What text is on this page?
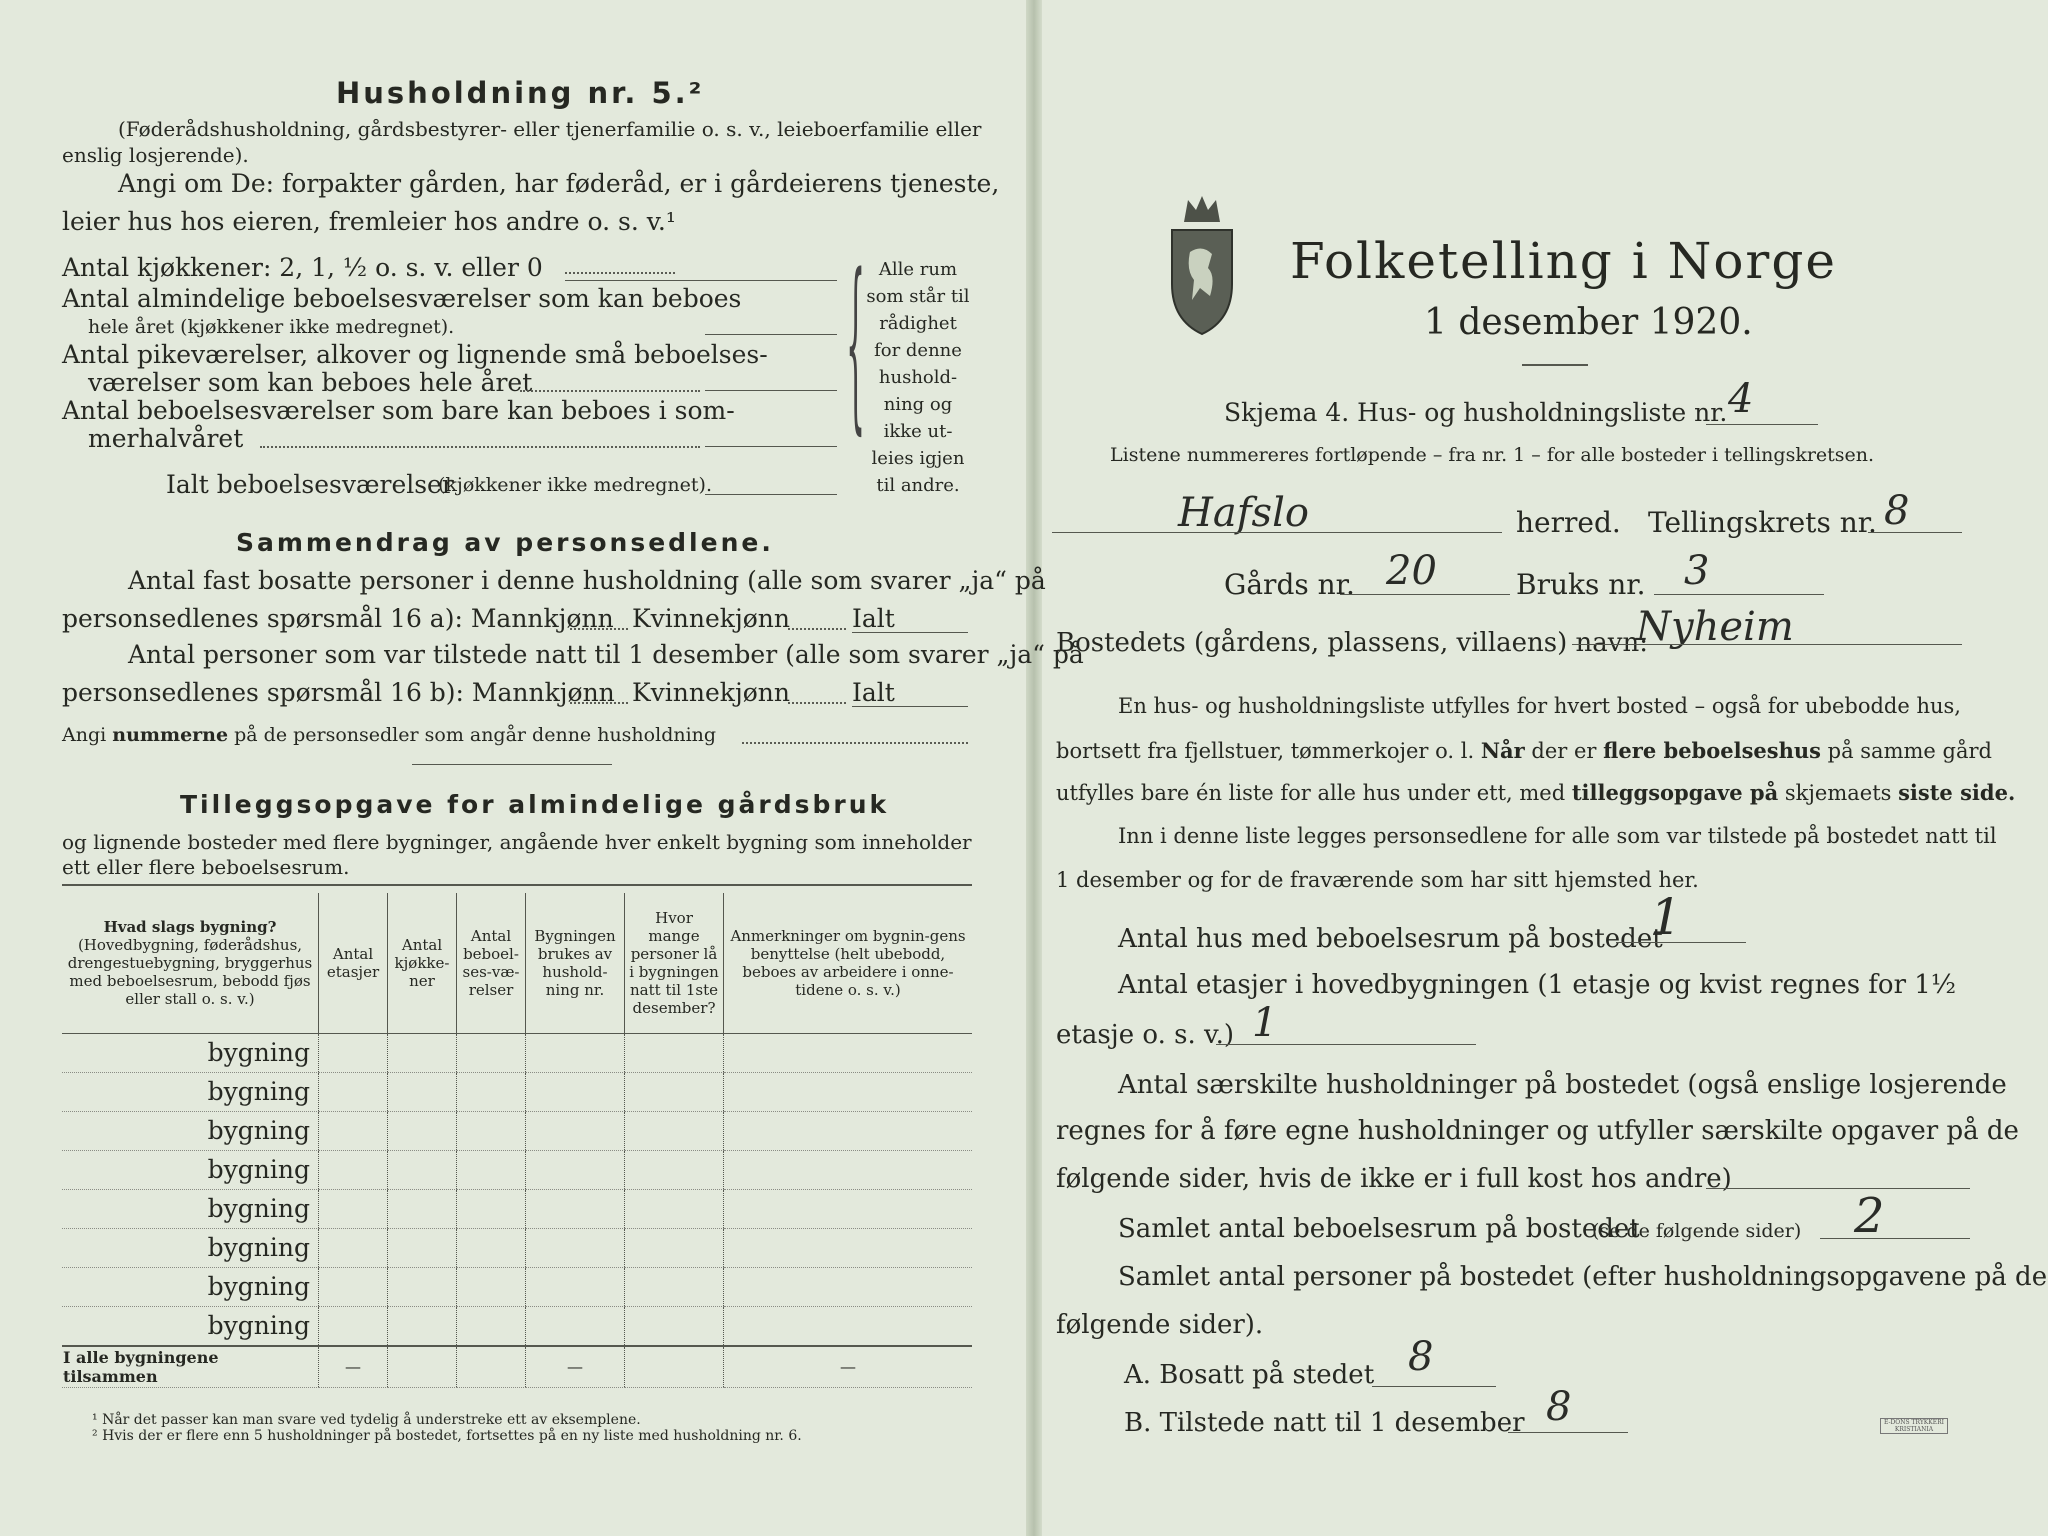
Husholdning nr. 5.²
(Føderådshusholdning, gårdsbestyrer- eller tjenerfamilie o. s. v., leieboerfamilie eller
enslig losjerende).
Angi om De: forpakter gården, har føderåd, er i gårdeierens tjeneste,
leier hus hos eieren, fremleier hos andre o. s. v.¹
Antal kjøkkener: 2, 1, ½ o. s. v. eller 0
Antal almindelige beboelsesværelser som kan beboes
hele året (kjøkkener ikke medregnet).
Antal pikeværelser, alkover og lignende små beboelses-
værelser som kan beboes hele året
Antal beboelsesværelser som bare kan beboes i som-
merhalvåret
Ialt beboelsesværelser
(kjøkkener ikke medregnet).
{ Alle rum
som står til
rådighet
for denne
hushold-
ning og
ikke ut-
leies igjen
til andre.
Sammendrag av personsedlene.
Antal fast bosatte personer i denne husholdning (alle som svarer „ja“ på
personsedlenes spørsmål 16 a): Mannkjønn Kvinnekjønn Ialt
Antal personer som var tilstede natt til 1 desember (alle som svarer „ja“ på
personsedlenes spørsmål 16 b): Mannkjønn Kvinnekjønn Ialt
Angi nummerne på de personsedler som angår denne husholdning
Tilleggsopgave for almindelige gårdsbruk
og lignende bosteder med flere bygninger, angående hver enkelt bygning som inneholder
ett eller flere beboelsesrum.
Hvad slags bygning?
(Hovedbygning, føderådshus, drengestuebygning, bryggerhus med beboelsesrum, bebodd fjøs eller stall o. s. v.)	Antal etasjer	Antal kjøkke-ner	Antal beboel-ses-væ-relser	Bygningen brukes av hushold-ning nr.	Hvor mange personer lå i bygningen natt til 1ste desember?	Anmerkninger om bygnin-gens benyttelse (helt ubebodd, beboes av arbeidere i onne-tidene o. s. v.)
bygning						
bygning						
bygning						
bygning						
bygning						
bygning						
bygning						
bygning						
I alle bygningene tilsammen	—			—		—
¹ Når det passer kan man svare ved tydelig å understreke ett av eksemplene.
² Hvis der er flere enn 5 husholdninger på bostedet, fortsettes på en ny liste med husholdning nr. 6.
Folketelling i Norge
1 desember 1920.
Skjema 4. Hus- og husholdningsliste nr. 4
Listene nummereres fortløpende – fra nr. 1 – for alle bosteder i tellingskretsen.
Hafslo	herred. Tellingskrets nr. 8
Gårds nr. 20	Bruks nr. 3
Bostedets (gårdens, plassens, villaens) navn:
Nyheim
En hus- og husholdningsliste utfylles for hvert bosted – også for ubebodde hus,
bortsett fra fjellstuer, tømmerkojer o. l. Når der er flere beboelseshus på samme gård
utfylles bare én liste for alle hus under ett, med tilleggsopgave på skjemaets siste side.
Inn i denne liste legges personsedlene for alle som var tilstede på bostedet natt til
1 desember og for de fraværende som har sitt hjemsted her.
Antal hus med beboelsesrum på bostedet
1
Antal etasjer i hovedbygningen (1 etasje og kvist regnes for 1½
etasje o. s. v.) 1
Antal særskilte husholdninger på bostedet (også enslige losjerende
regnes for å føre egne husholdninger og utfyller særskilte opgaver på de
følgende sider, hvis de ikke er i full kost hos andre)
Samlet antal beboelsesrum på bostedet
(se de følgende sider) 2
Samlet antal personer på bostedet (efter husholdningsopgavene på de
følgende sider).
A. Bosatt på stedet 8
B. Tilstede natt til 1 desember 8	E-DONS TRYKKERI KRISTIANIA
